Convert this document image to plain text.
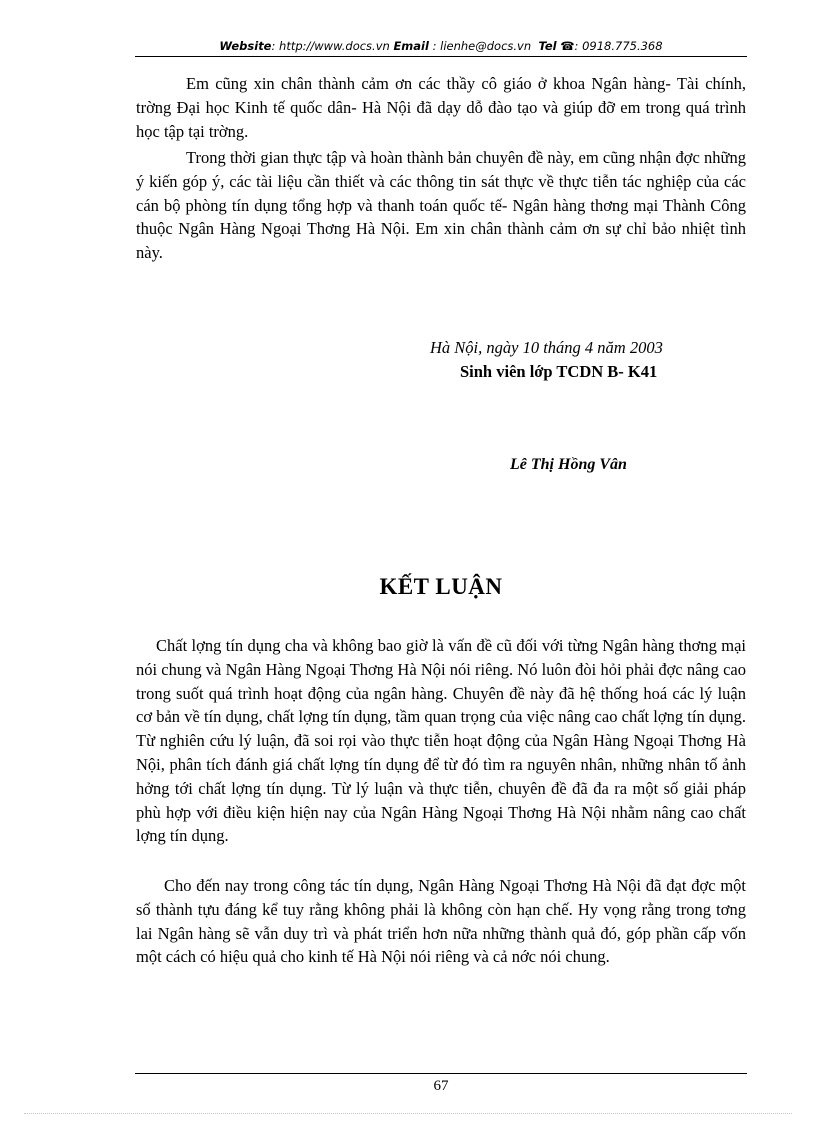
Website: http://www.docs.vn Email : lienhe@docs.vn Tel ☎: 0918.775.368

Em cũng xin chân thành cảm ơn các thầy cô giáo ở khoa Ngân hàng- Tài chính, trờng Đại học Kinh tế quốc dân- Hà Nội đã dạy dỗ đào tạo và giúp đỡ em trong quá trình học tập tại trờng.

Trong thời gian thực tập và hoàn thành bản chuyên đề này, em cũng nhận đợc những ý kiến góp ý, các tài liệu cần thiết và các thông tin sát thực về thực tiễn tác nghiệp của các cán bộ phòng tín dụng tổng hợp và thanh toán quốc tế- Ngân hàng thơng mại Thành Công thuộc Ngân Hàng Ngoại Thơng Hà Nội. Em xin chân thành cảm ơn sự chỉ bảo nhiệt tình này.

Hà Nội, ngày 10 tháng 4 năm 2003
Sinh viên lớp TCDN B- K41
Lê Thị Hồng Vân
KẾT LUẬN

Chất lợng tín dụng cha và không bao giờ là vấn đề cũ đối với từng Ngân hàng thơng mại nói chung và Ngân Hàng Ngoại Thơng Hà Nội nói riêng. Nó luôn đòi hỏi phải đợc nâng cao trong suốt quá trình hoạt động của ngân hàng. Chuyên đề này đã hệ thống hoá các lý luận cơ bản về tín dụng, chất lợng tín dụng, tầm quan trọng của việc nâng cao chất lợng tín dụng. Từ nghiên cứu lý luận, đã soi rọi vào thực tiễn hoạt động của Ngân Hàng Ngoại Thơng Hà Nội, phân tích đánh giá chất lợng tín dụng để từ đó tìm ra nguyên nhân, những nhân tố ảnh hởng tới chất lợng tín dụng. Từ lý luận và thực tiễn, chuyên đề đã đa ra một số giải pháp phù hợp với điều kiện hiện nay của Ngân Hàng Ngoại Thơng Hà Nội nhằm nâng cao chất lợng tín dụng.

Cho đến nay trong công tác tín dụng, Ngân Hàng Ngoại Thơng Hà Nội đã đạt đợc một số thành tựu đáng kể tuy rằng không phải là không còn hạn chế. Hy vọng rằng trong tơng lai Ngân hàng sẽ vẫn duy trì và phát triển hơn nữa những thành quả đó, góp phần cấp vốn một cách có hiệu quả cho kinh tế Hà Nội nói riêng và cả nớc nói chung.

67
